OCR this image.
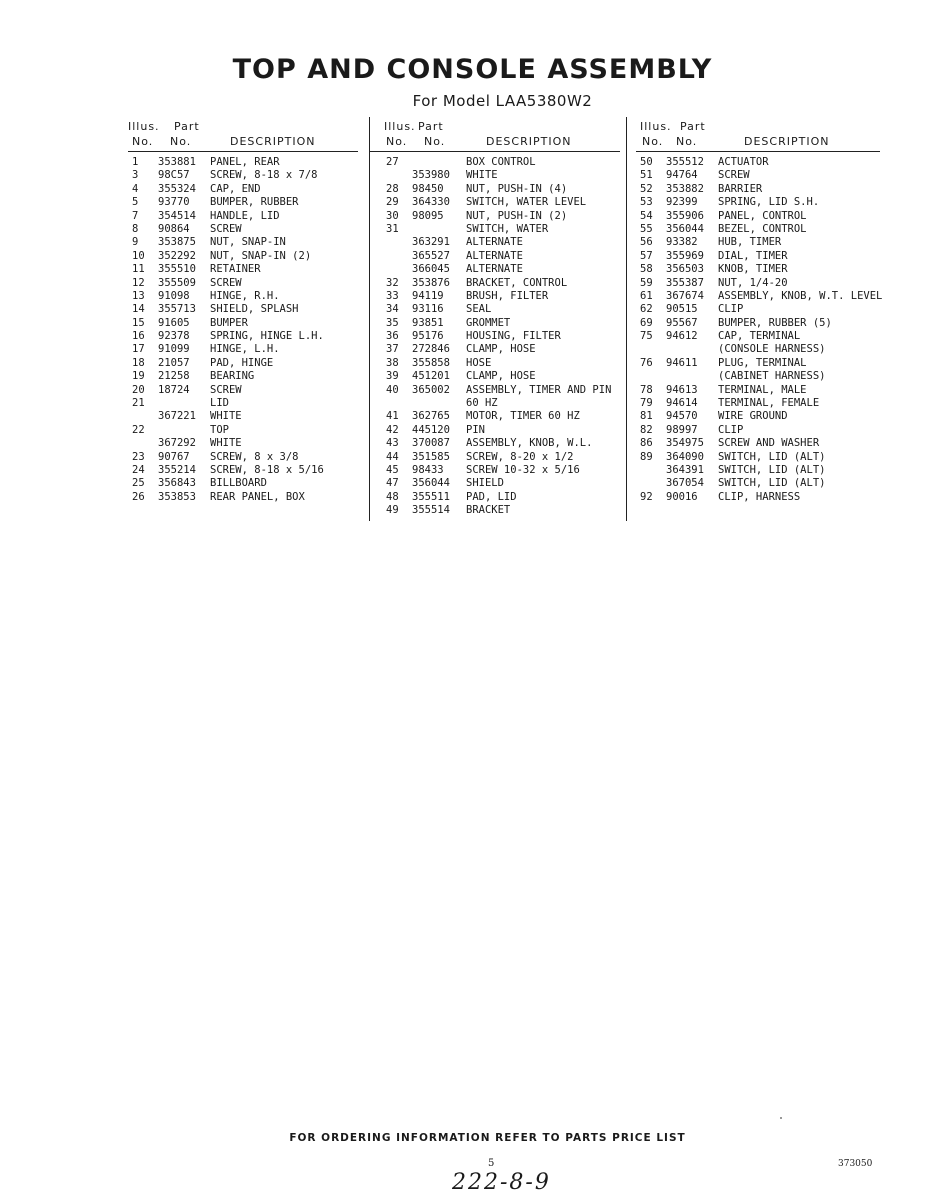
TOP AND CONSOLE ASSEMBLY
For Model LAA5380W2
Illus. Part
No. No.	DESCRIPTION
1	353881 PANEL, REAR
3	98C57 SCREW, 8-18 x 7/8
4	355324 CAP, END
5	93770 BUMPER, RUBBER
7	354514 HANDLE, LID
8	90864 SCREW
9	353875 NUT, SNAP-IN
10	352292 NUT, SNAP-IN (2)
11	355510 RETAINER
12	355509 SCREW
13	91098 HINGE, R.H.
14	355713 SHIELD, SPLASH
15	91605 BUMPER
16	92378 SPRING, HINGE L.H.
17	91099 HINGE, L.H.
18	21057 PAD, HINGE
19	21258 BEARING
20	18724 SCREW
21	LID
367221 WHITE
22	TOP
367292 WHITE
23	90767 SCREW, 8 x 3/8
24	355214 SCREW, 8-18 x 5/16
25	356843 BILLBOARD
26	353853 REAR PANEL, BOX
Illus. Part
No. No.	DESCRIPTION
27	BOX CONTROL
353980 WHITE
28	98450 NUT, PUSH-IN (4)
29	364330 SWITCH, WATER LEVEL
30	98095 NUT, PUSH-IN (2)
31	SWITCH, WATER
363291 ALTERNATE
365527 ALTERNATE
366045 ALTERNATE
32	353876 BRACKET, CONTROL
33	94119 BRUSH, FILTER
34	93116 SEAL
35	93851 GROMMET
36	95176 HOUSING, FILTER
37	272846 CLAMP, HOSE
38	355858 HOSE
39	451201 CLAMP, HOSE
40	365002 ASSEMBLY, TIMER AND PIN
60 HZ
41	362765 MOTOR, TIMER 60 HZ
42	445120 PIN
43	370087 ASSEMBLY, KNOB, W.L.
44	351585 SCREW, 8-20 x 1/2
45	98433 SCREW 10-32 x 5/16
47	356044 SHIELD
48	355511 PAD, LID
49	355514 BRACKET
Illus. Part
No. No.	DESCRIPTION
50	355512 ACTUATOR
51	94764 SCREW
52	353882 BARRIER
53	92399 SPRING, LID S.H.
54	355906 PANEL, CONTROL
55	356044 BEZEL, CONTROL
56	93382 HUB, TIMER
57	355969 DIAL, TIMER
58	356503 KNOB, TIMER
59	355387 NUT, 1/4-20
61	367674 ASSEMBLY, KNOB, W.T. LEVEL
62	90515 CLIP
69	95567 BUMPER, RUBBER (5)
75	94612 CAP, TERMINAL
(CONSOLE HARNESS)
76	94611 PLUG, TERMINAL
(CABINET HARNESS)
78	94613 TERMINAL, MALE
79	94614 TERMINAL, FEMALE
81	94570 WIRE GROUND
82	98997 CLIP
86	354975 SCREW AND WASHER
89	364090 SWITCH, LID (ALT)
364391 SWITCH, LID (ALT)
367054 SWITCH, LID (ALT)
92	90016 CLIP, HARNESS
FOR ORDERING INFORMATION REFER TO PARTS PRICE LIST
5	373050
222-8-9
